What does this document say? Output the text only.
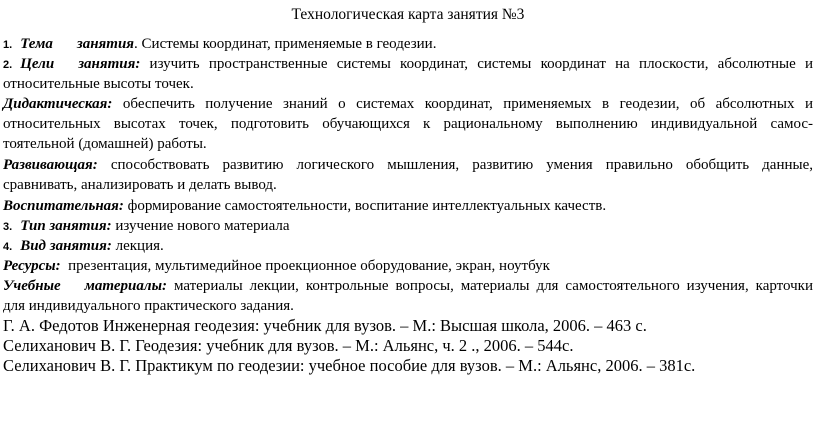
Технологическая карта занятия №3
1. Тема занятия. Системы координат, применяемые в геодезии.
2. Цели занятия: изучить пространственные системы координат, системы координат на плоскости, абсолютные и
относительные высоты точек.
Дидактическая: обеспечить получение знаний о системах координат, применяемых в геодезии, об абсолютных и
относительных высотах точек, подготовить обучающихся к рациональному выполнению индивидуальной самос-
тоятельной (домашней) работы.
Развивающая: способствовать развитию логического мышления, развитию умения правильно обобщить данные,
сравнивать, анализировать и делать вывод.
Воспитательная: формирование самостоятельности, воспитание интеллектуальных качеств.
3. Тип занятия: изучение нового материала
4. Вид занятия: лекция.
Ресурсы: презентация, мультимедийное проекционное оборудование, экран, ноутбук
Учебные материалы: материалы лекции, контрольные вопросы, материалы для самостоятельного изучения, карточки
для индивидуального практического задания.
Г. А. Федотов Инженерная геодезия: учебник для вузов. – М.: Высшая школа, 2006. – 463 с.
Селиханович В. Г. Геодезия: учебник для вузов. – М.: Альянс, ч. 2 ., 2006. – 544с.
Селиханович В. Г. Практикум по геодезии: учебное пособие для вузов. – М.: Альянс, 2006. – 381с.
